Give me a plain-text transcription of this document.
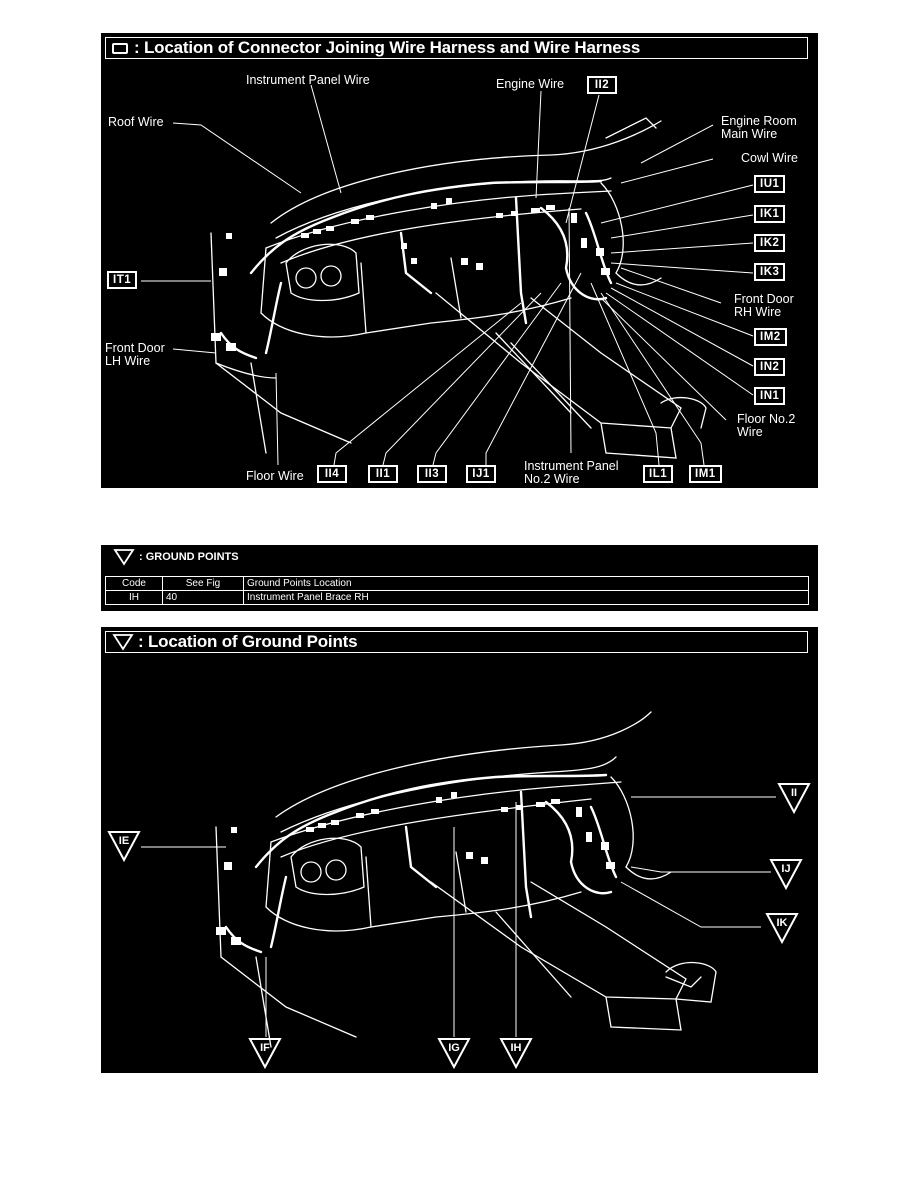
: Location of Connector Joining Wire Harness and Wire Harness
Instrument Panel Wire	Engine Wire
Roof Wire	Engine Room
Main Wire
Cowl Wire
Front Door
RH Wire
Front Door
LH Wire
Floor No.2
Wire
Floor Wire
Instrument Panel
No.2 Wire
II2
IU1
IK1
IK2
IK3
IT1
IM2
IN2
IN1
II4	II1	II3	IJ1	IL1	IM1
: GROUND POINTS
Code	See Fig	Ground Points Location
IH	40	Instrument Panel Brace RH
: Location of Ground Points
II
IE
IJ
IK
IF	IG	IH
